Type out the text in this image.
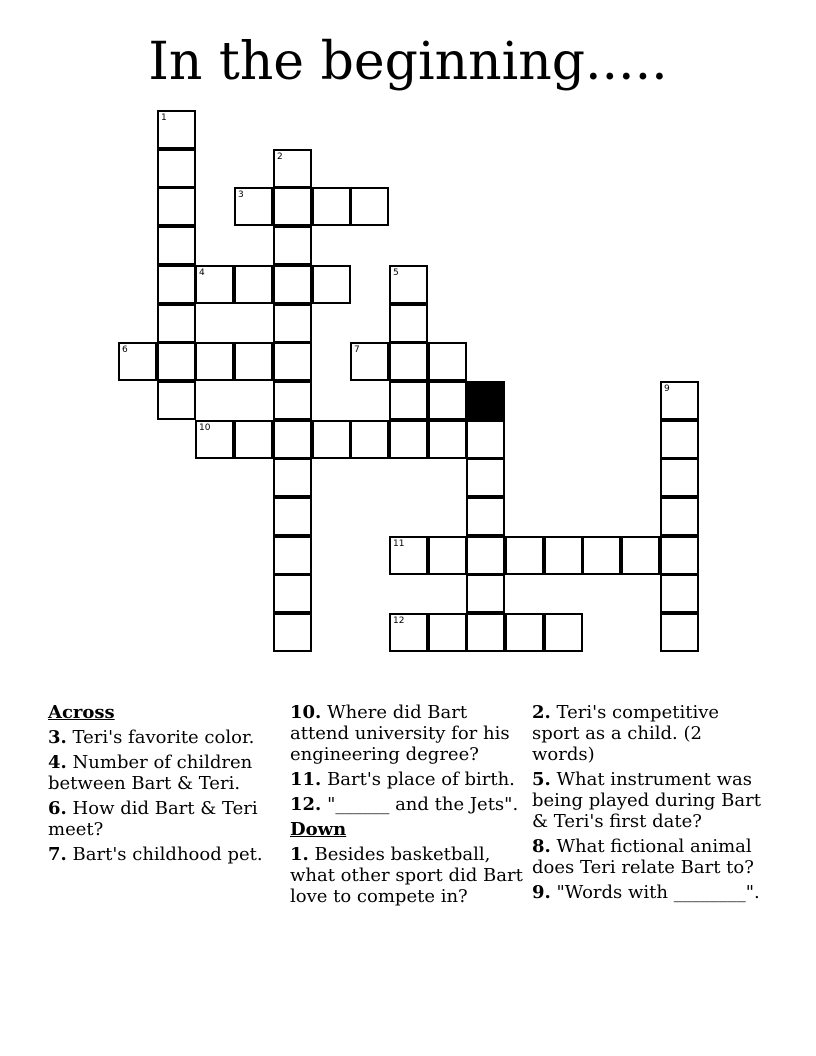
In the beginning.....
1
2
3
4	5
6	7
9
10
11
12
Across
3. Teri's favorite color.
4. Number of children between Bart & Teri.
6. How did Bart & Teri meet?
7. Bart's childhood pet.
10. Where did Bart attend university for his engineering degree?
11. Bart's place of birth.
12. "______ and the Jets".
Down
1. Besides basketball, what other sport did Bart love to compete in?
2. Teri's competitive sport as a child. (2 words)
5. What instrument was being played during Bart & Teri's first date?
8. What fictional animal does Teri relate Bart to?
9. "Words with ________".
